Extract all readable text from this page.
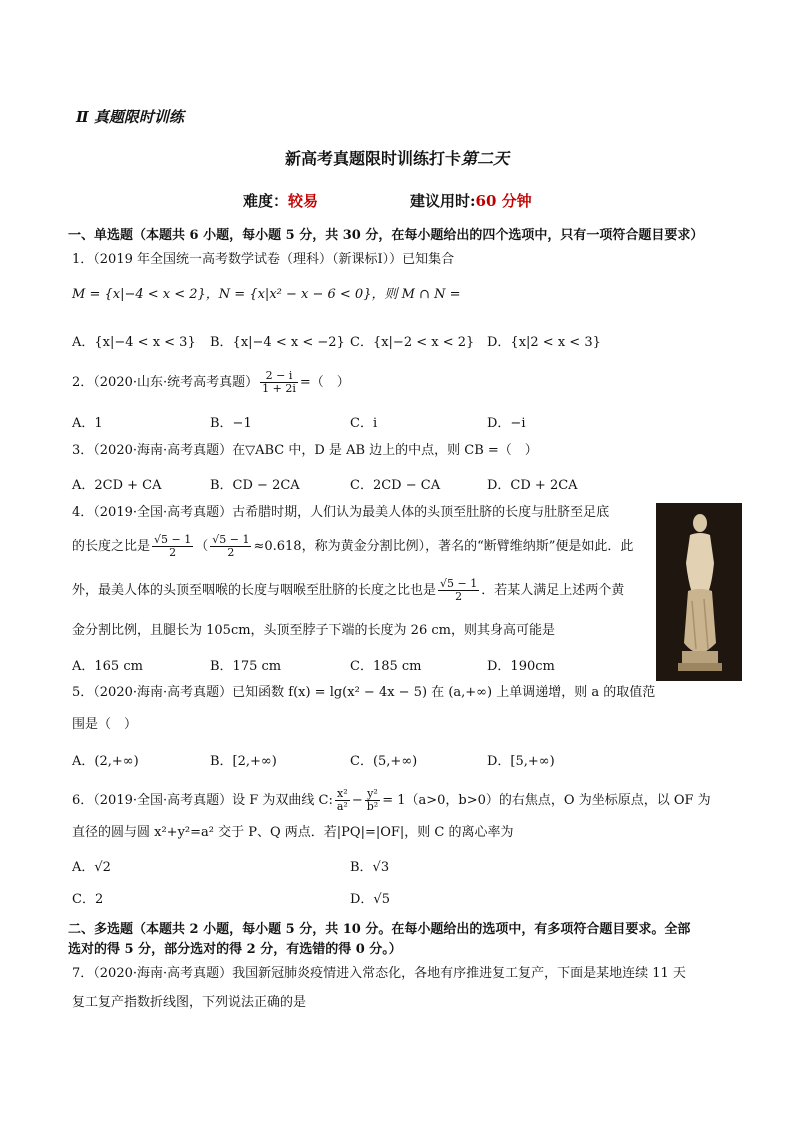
Ⅱ 真题限时训练
新高考真题限时训练打卡第二天
难度：较易	建议用时:60 分钟
一、单选题（本题共 6 小题，每小题 5 分，共 30 分，在每小题给出的四个选项中，只有一项符合题目要求）
1．（2019 年全国统一高考数学试卷（理科）（新课标Ⅰ））已知集合
M = {x|−4 < x < 2}，N = {x|x² − x − 6 < 0}，则 M ∩ N =
A．{x|−4 < x < 3} B．{x|−4 < x < −2} C．{x|−2 < x < 2} D．{x|2 < x < 3}
2．（2020·山东·统考高考真题） $\frac{2 - i}{1 + 2i}$ =（　）
A．1	B．−1	C．i	D．−i
3．（2020·海南·高考真题）在▽ABC 中，D 是 AB 边上的中点，则 CB =（　）
A．2CD + CA	B．CD − 2CA	C．2CD − CA	D．CD + 2CA
4．（2019·全国·高考真题）古希腊时期，人们认为最美人体的头顶至肚脐的长度与肚脐至足底
的长度之比是 $\frac{√5 - 1}{2}$ （ $\frac{√5 - 1}{2} \approx 0.618$，称为黄金分割比例），著名的“断臂维纳斯”便是如此．此
外，最美人体的头顶至咽喉的长度与咽喉至肚脐的长度之比也是 $\frac{√5 - 1}{2}$ ．若某人满足上述两个黄
金分割比例，且腿长为 105cm，头顶至脖子下端的长度为 26 cm，则其身高可能是
A．165 cm	B．175 cm	C．185 cm	D．190cm
5．（2020·海南·高考真题）已知函数 f(x) = lg(x² − 4x − 5) 在 (a,+∞) 上单调递增，则 a 的取值范
围是（　）
A．(2,+∞)	B．[2,+∞)	C．(5,+∞)	D．[5,+∞)
6．（2019·全国·高考真题）设 F 为双曲线 C: $\frac{\text{x²}}{\text{a²}} - \frac{\text{y²}}{\text{b²}} = 1(a>0$，b>0）的右焦点，O 为坐标原点，以 OF 为
直径的圆与圆 x²+y²=a² 交于 P、Q 两点．若|PQ|=|OF|，则 C 的离心率为
A．√2	B．√3
C．2	D．√5
二、多选题（本题共 2 小题，每小题 5 分，共 10 分。在每小题给出的选项中，有多项符合题目要求。全部
选对的得 5 分，部分选对的得 2 分，有选错的得 0 分。）
7．（2020·海南·高考真题）我国新冠肺炎疫情进入常态化，各地有序推进复工复产，下面是某地连续 11 天
复工复产指数折线图，下列说法正确的是
